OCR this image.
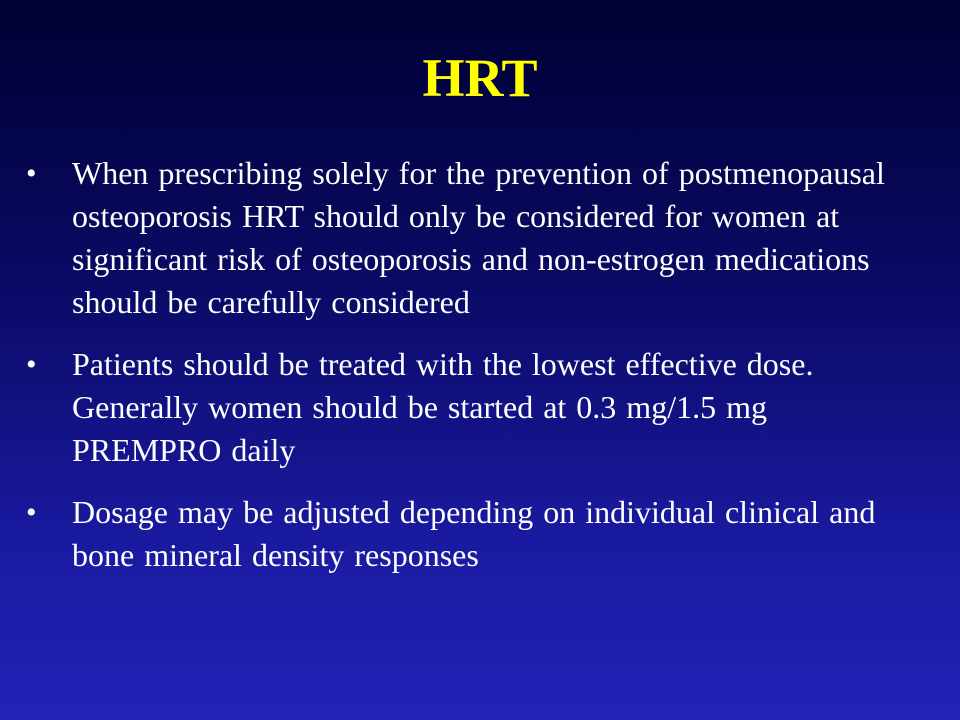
HRT
• When prescribing solely for the prevention of postmenopausal osteoporosis HRT should only be considered for women at significant risk of osteoporosis and non-estrogen medications should be carefully considered
• Patients should be treated with the lowest effective dose. Generally women should be started at 0.3 mg/1.5 mg PREMPRO daily
• Dosage may be adjusted depending on individual clinical and bone mineral density responses
